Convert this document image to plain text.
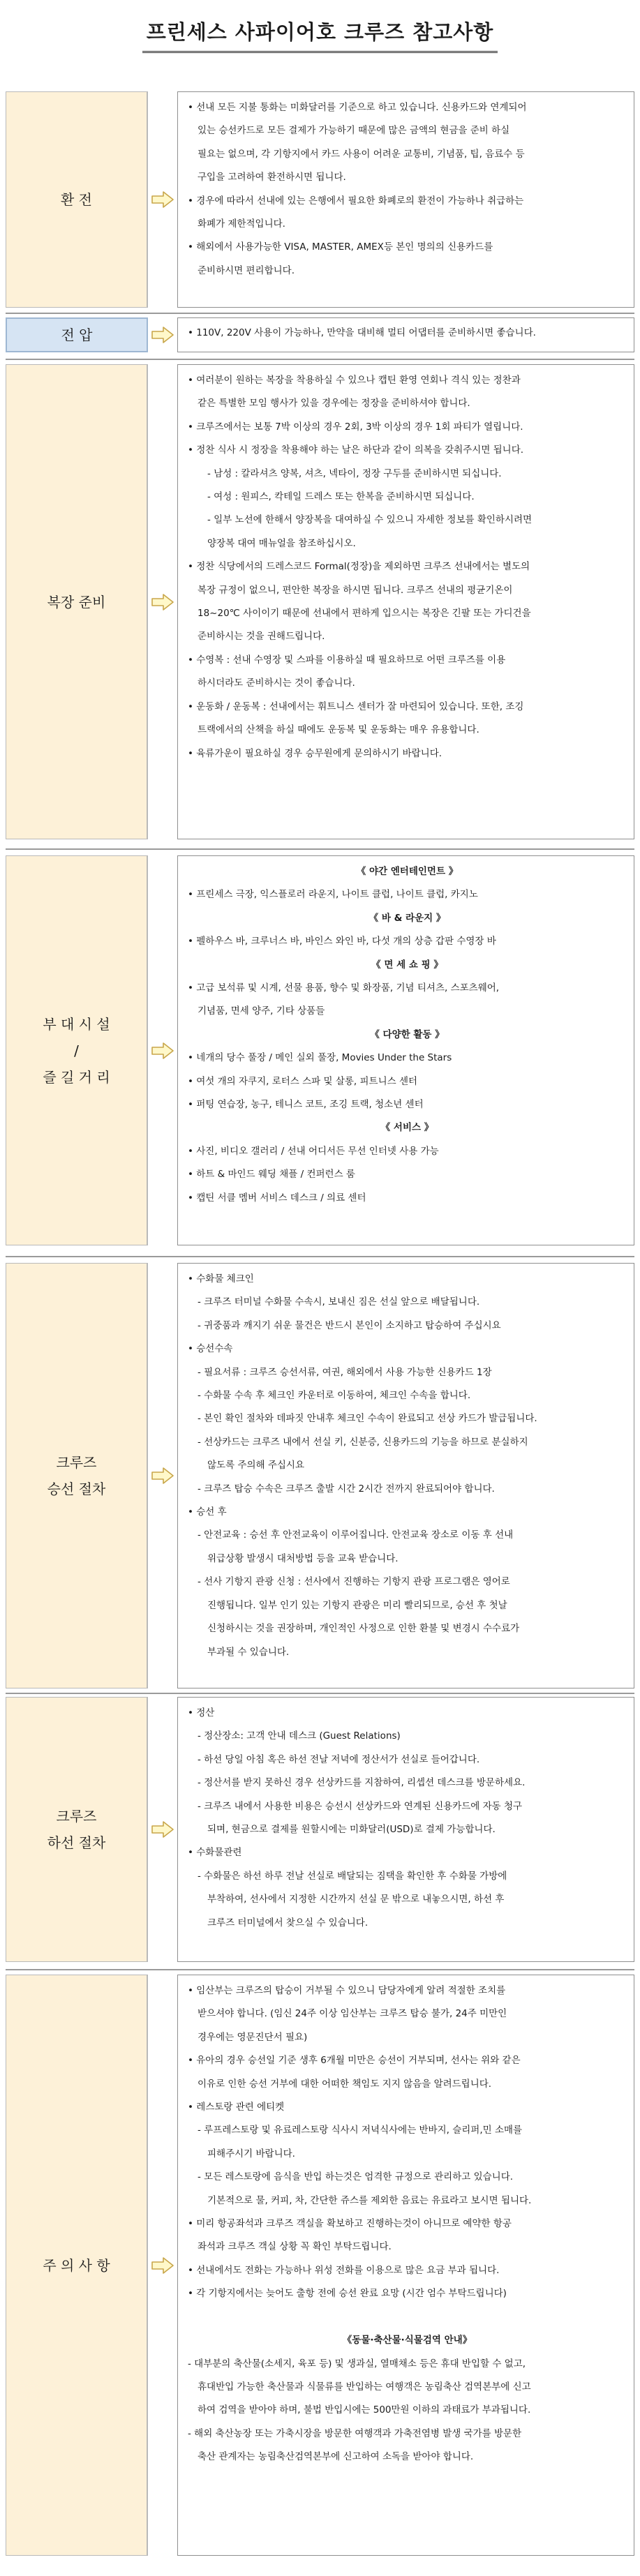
프린세스 사파이어호 크루즈 참고사항
환 전
• 선내 모든 지불 통화는 미화달러를 기준으로 하고 있습니다. 신용카드와 연계되어
있는 승선카드로 모든 결제가 가능하기 때문에 많은 금액의 현금을 준비 하실
필요는 없으며, 각 기항지에서 카드 사용이 어려운 교통비, 기념품, 팁, 음료수 등
구입을 고려하여 환전하시면 됩니다.
• 경우에 따라서 선내에 있는 은행에서 필요한 화폐로의 환전이 가능하나 취급하는
화폐가 제한적입니다.
• 해외에서 사용가능한 VISA, MASTER, AMEX등 본인 명의의 신용카드를
준비하시면 편리합니다.
전 압	• 110V, 220V 사용이 가능하나, 만약을 대비해 멀티 어댑터를 준비하시면 좋습니다.
복장 준비
• 여러분이 원하는 복장을 착용하실 수 있으나 캡틴 환영 연회나 격식 있는 정찬과
같은 특별한 모임 행사가 있을 경우에는 정장을 준비하셔야 합니다.
• 크루즈에서는 보통 7박 이상의 경우 2회, 3박 이상의 경우 1회 파티가 열립니다.
• 정찬 식사 시 정장을 착용해야 하는 날은 하단과 같이 의복을 갖춰주시면 됩니다.
- 남성 : 칼라셔츠 양복, 셔츠, 넥타이, 정장 구두를 준비하시면 되십니다.
- 여성 : 원피스, 칵테일 드레스 또는 한복을 준비하시면 되십니다.
- 일부 노선에 한해서 양장복을 대여하실 수 있으니 자세한 정보를 확인하시려면
양장복 대여 매뉴얼을 참조하십시오.
• 정찬 식당에서의 드레스코드 Formal(정장)을 제외하면 크루즈 선내에서는 별도의
복장 규정이 없으니, 편안한 복장을 하시면 됩니다. 크루즈 선내의 평균기온이
18~20℃ 사이이기 때문에 선내에서 편하게 입으시는 복장은 긴팔 또는 가디건을
준비하시는 것을 권해드립니다.
• 수영복 : 선내 수영장 및 스파를 이용하실 때 필요하므로 어떤 크루즈를 이용
하시더라도 준비하시는 것이 좋습니다.
• 운동화 / 운동복 : 선내에서는 휘트니스 센터가 잘 마련되어 있습니다. 또한, 조깅
트랙에서의 산책을 하실 때에도 운동복 및 운동화는 매우 유용합니다.
• 육류가운이 필요하실 경우 승무원에게 문의하시기 바랍니다.
부 대 시 설
/
즐 길 거 리
《 야간 엔터테인먼트 》
• 프린세스 극장, 익스플로러 라운지, 나이트 클럽, 나이트 클럽, 카지노
《 바 & 라운지 》
• 펠하우스 바, 크루너스 바, 바인스 와인 바, 다섯 개의 상층 갑판 수영장 바
《 면 세 쇼 핑 》
• 고급 보석류 및 시계, 선물 용품, 향수 및 화장품, 기념 티셔츠, 스포츠웨어,
기념품, 면세 양주, 기타 상품들
《 다양한 활동 》
• 네개의 당수 풀장 / 메인 실외 풀장, Movies Under the Stars
• 여섯 개의 자쿠지, 로터스 스파 및 살롱, 피트니스 센터
• 퍼팅 연습장, 농구, 테니스 코트, 조깅 트랙, 청소년 센터
《 서비스 》
• 사진, 비디오 갤러리 / 선내 어디서든 무선 인터넷 사용 가능
• 하트 & 마인드 웨딩 채플 / 컨퍼런스 룸
• 캡틴 서클 멤버 서비스 데스크 / 의료 센터
크루즈
승선 절차
• 수화물 체크인
- 크루즈 터미널 수화물 수속시, 보내신 짐은 선실 앞으로 배달됩니다.
- 귀중품과 깨지기 쉬운 물건은 반드시 본인이 소지하고 탑승하여 주십시요
• 승선수속
- 필요서류 : 크루즈 승선서류, 여권, 해외에서 사용 가능한 신용카드 1장
- 수화물 수속 후 체크인 카운터로 이동하여, 체크인 수속을 합니다.
- 본인 확인 절차와 데파짓 안내후 체크인 수속이 완료되고 선상 카드가 발급됩니다.
- 선상카드는 크루즈 내에서 선실 키, 신분증, 신용카드의 기능을 하므로 분실하지
않도록 주의해 주십시요
- 크루즈 탑승 수속은 크루즈 출발 시간 2시간 전까지 완료되어야 합니다.
• 승선 후
- 안전교육 : 승선 후 안전교육이 이루어집니다. 안전교육 장소로 이동 후 선내
위급상황 발생시 대처방법 등을 교육 받습니다.
- 선사 기항지 관광 신청 : 선사에서 진행하는 기항지 관광 프로그램은 영어로
진행됩니다. 일부 인기 있는 기항지 관광은 미리 빨리되므로, 승선 후 첫날
신청하시는 것을 권장하며, 개인적인 사정으로 인한 환불 및 변경시 수수료가
부과될 수 있습니다.
크루즈
하선 절차
• 정산
- 정산장소: 고객 안내 데스크 (Guest Relations)
- 하선 당일 아침 혹은 하선 전날 저녁에 정산서가 선실로 들어갑니다.
- 정산서를 받지 못하신 경우 선상카드를 지참하여, 리셉션 데스크를 방문하세요.
- 크루즈 내에서 사용한 비용은 승선시 선상카드와 연계된 신용카드에 자동 청구
되며, 현금으로 결제를 원할시에는 미화달러(USD)로 결제 가능합니다.
• 수화물관련
- 수화물은 하선 하루 전날 선실로 배달되는 짐택을 확인한 후 수화물 가방에
부착하여, 선사에서 지정한 시간까지 선실 문 밖으로 내놓으시면, 하선 후
크루즈 터미널에서 찾으실 수 있습니다.
주 의 사 항
• 임산부는 크루즈의 탑승이 거부될 수 있으니 담당자에게 알려 적절한 조치를
받으셔야 합니다. (임신 24주 이상 임산부는 크루즈 탑승 불가, 24주 미만인
경우에는 영문진단서 필요)
• 유아의 경우 승선일 기준 생후 6개월 미만은 승선이 거부되며, 선사는 위와 같은
이유로 인한 승선 거부에 대한 어떠한 책임도 지지 않음을 알려드립니다.
• 레스토랑 관련 에티켓
- 루프레스토랑 및 유료레스토랑 식사시 저녁식사에는 반바지, 슬리퍼,민 소매를
피해주시기 바랍니다.
- 모든 레스토랑에 음식을 반입 하는것은 엄격한 규정으로 관리하고 있습니다.
기본적으로 물, 커피, 차, 간단한 쥬스를 제외한 음료는 유료라고 보시면 됩니다.
• 미리 항공좌석과 크루즈 객실을 확보하고 진행하는것이 아니므로 예약한 항공
좌석과 크루즈 객실 상황 꼭 확인 부탁드립니다.
• 선내에서도 전화는 가능하나 위성 전화를 이용으로 많은 요금 부과 됩니다.
• 각 기항지에서는 늦어도 출항 전에 승선 완료 요망 (시간 엄수 부탁드립니다)

《동물·축산물·식물검역 안내》
- 대부분의 축산물(소세지, 육포 등) 및 생과실, 열매채소 등은 휴대 반입할 수 없고,
휴대반입 가능한 축산물과 식물류를 반입하는 여행객은 농림축산 검역본부에 신고
하여 검역을 받아야 하며, 불법 반입시에는 500만원 이하의 과태료가 부과됩니다.
- 해외 축산농장 또는 가축시장을 방문한 여행객과 가축전염병 발생 국가를 방문한
축산 관계자는 농림축산검역본부에 신고하여 소독을 받아야 합니다.
